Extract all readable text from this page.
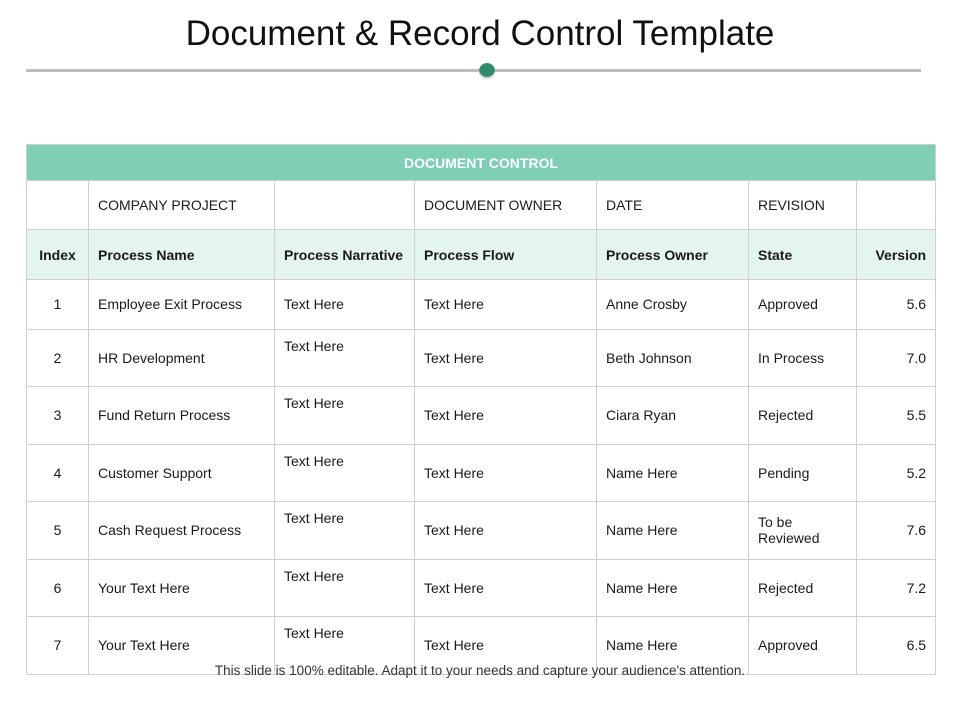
Document & Record Control Template
DOCUMENT CONTROL						
	COMPANY PROJECT		DOCUMENT OWNER	DATE	REVISION	
Index	Process Name	Process Narrative	Process Flow	Process Owner	State	Version
1	Employee Exit Process	Text Here	Text Here	Anne Crosby	Approved	5.6
2	HR Development	Text Here	Text Here	Beth Johnson	In Process	7.0
3	Fund Return Process	Text Here	Text Here	Ciara Ryan	Rejected	5.5
4	Customer Support	Text Here	Text Here	Name Here	Pending	5.2
5	Cash Request Process	Text Here	Text Here	Name Here	To be Reviewed	7.6
6	Your Text Here	Text Here	Text Here	Name Here	Rejected	7.2
7	Your Text Here	Text Here	Text Here	Name Here	Approved	6.5
This slide is 100% editable. Adapt it to your needs and capture your audience's attention.
